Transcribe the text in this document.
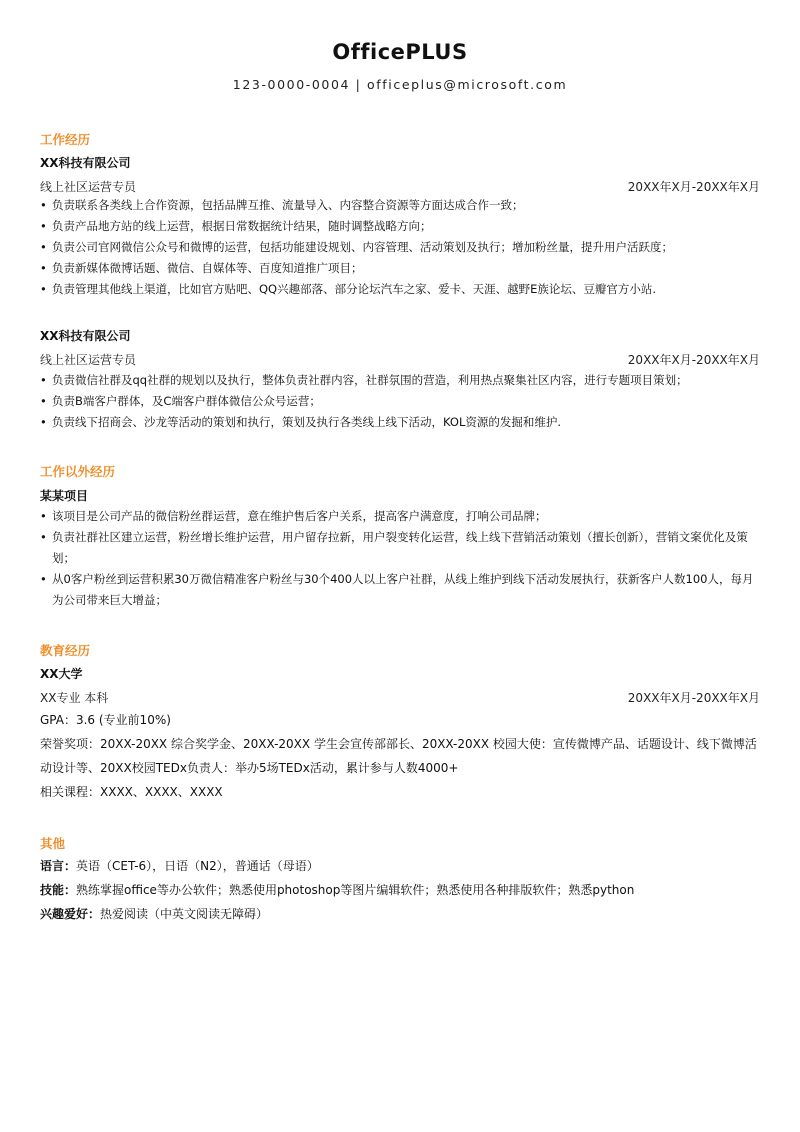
OfficePLUS
123-0000-0004 | officeplus@microsoft.com
工作经历
XX科技有限公司
线上社区运营专员	20XX年X月-20XX年X月
• 负责联系各类线上合作资源，包括品牌互推、流量导入、内容整合资源等方面达成合作一致；
• 负责产品地方站的线上运营，根据日常数据统计结果，随时调整战略方向；
• 负责公司官网微信公众号和微博的运营，包括功能建设规划、内容管理、活动策划及执行；增加粉丝量，提升用户活跃度；
• 负责新媒体微博话题、微信、自媒体等、百度知道推广项目；
• 负责管理其他线上渠道，比如官方贴吧、QQ兴趣部落、部分论坛汽车之家、爱卡、天涯、越野E族论坛、豆瓣官方小站.
XX科技有限公司
线上社区运营专员	20XX年X月-20XX年X月
• 负责微信社群及qq社群的规划以及执行，整体负责社群内容，社群氛围的营造，利用热点聚集社区内容，进行专题项目策划；
• 负责B端客户群体，及C端客户群体微信公众号运营；
• 负责线下招商会、沙龙等活动的策划和执行，策划及执行各类线上线下活动，KOL资源的发掘和维护.
工作以外经历
某某项目
• 该项目是公司产品的微信粉丝群运营，意在维护售后客户关系，提高客户满意度，打响公司品牌；
• 负责社群社区建立运营，粉丝增长维护运营，用户留存拉新，用户裂变转化运营，线上线下营销活动策划（擅长创新），营销文案优化及策划；
• 从0客户粉丝到运营积累30万微信精准客户粉丝与30个400人以上客户社群，从线上维护到线下活动发展执行，获新客户人数100人，每月为公司带来巨大增益；
教育经历
XX大学
XX专业 本科	20XX年X月-20XX年X月
GPA：3.6 (专业前10%)
荣誉奖项：20XX-20XX 综合奖学金、20XX-20XX 学生会宣传部部长、20XX-20XX 校园大使：宣传微博产品、话题设计、线下微博活
动设计等、20XX校园TEDx负责人：举办5场TEDx活动，累计参与人数4000+
相关课程：XXXX、XXXX、XXXX
其他
语言：英语（CET-6），日语（N2），普通话（母语）
技能：熟练掌握office等办公软件；熟悉使用photoshop等图片编辑软件；熟悉使用各种排版软件；熟悉python
兴趣爱好：热爱阅读（中英文阅读无障碍）
